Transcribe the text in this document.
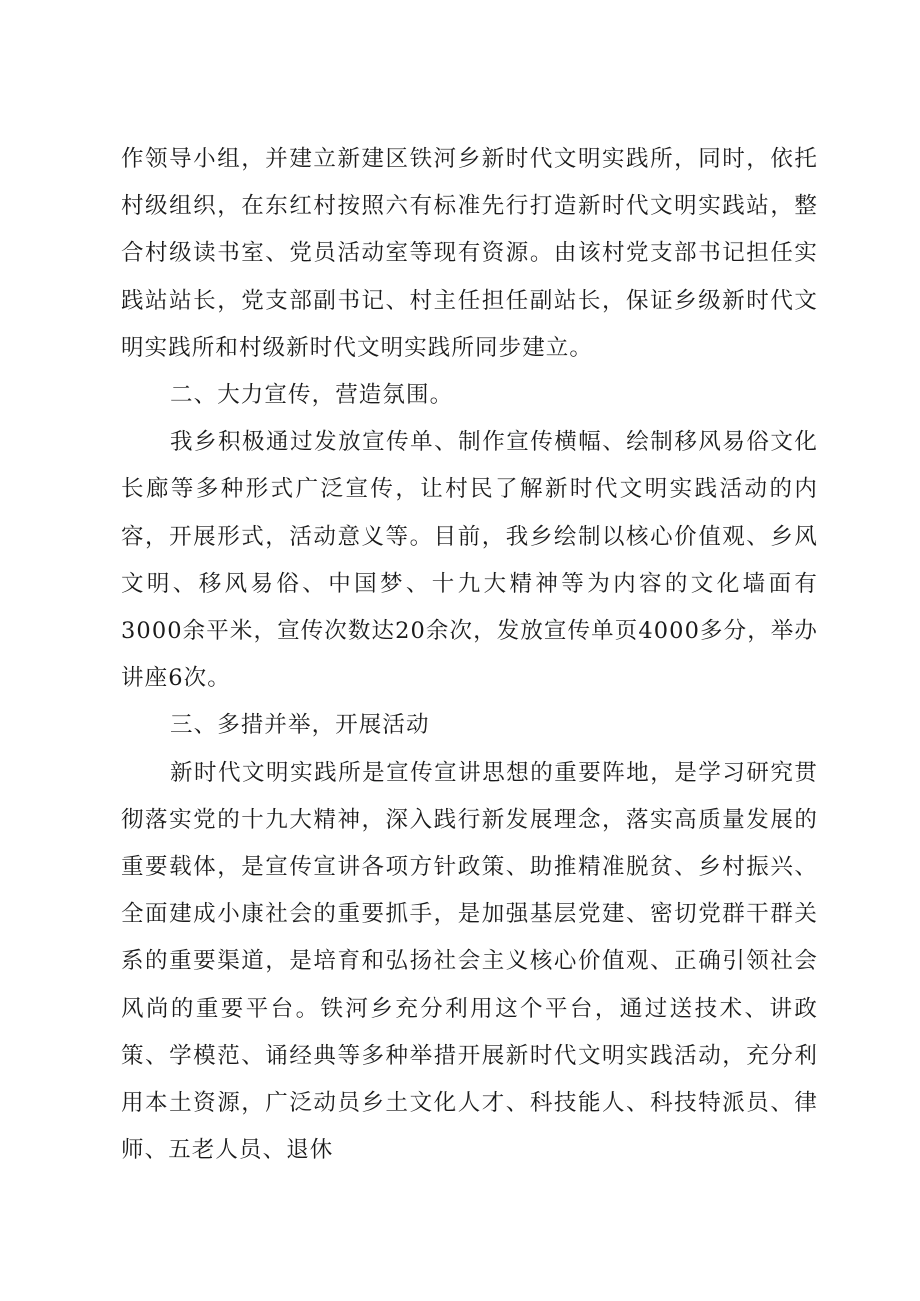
作领导小组，并建立新建区铁河乡新时代文明实践所，同时，依托村级组织，在东红村按照六有标准先行打造新时代文明实践站，整合村级读书室、党员活动室等现有资源。由该村党支部书记担任实践站站长，党支部副书记、村主任担任副站长，保证乡级新时代文明实践所和村级新时代文明实践所同步建立。

二、大力宣传，营造氛围。

我乡积极通过发放宣传单、制作宣传横幅、绘制移风易俗文化长廊等多种形式广泛宣传，让村民了解新时代文明实践活动的内容，开展形式，活动意义等。目前，我乡绘制以核心价值观、乡风文明、移风易俗、中国梦、十九大精神等为内容的文化墙面有3000余平米，宣传次数达20余次，发放宣传单页4000多分，举办讲座6次。

三、多措并举，开展活动

新时代文明实践所是宣传宣讲思想的重要阵地，是学习研究贯彻落实党的十九大精神，深入践行新发展理念，落实高质量发展的重要载体，是宣传宣讲各项方针政策、助推精准脱贫、乡村振兴、全面建成小康社会的重要抓手，是加强基层党建、密切党群干群关系的重要渠道，是培育和弘扬社会主义核心价值观、正确引领社会风尚的重要平台。铁河乡充分利用这个平台，通过送技术、讲政策、学模范、诵经典等多种举措开展新时代文明实践活动，充分利用本土资源，广泛动员乡土文化人才、科技能人、科技特派员、律师、五老人员、退休
